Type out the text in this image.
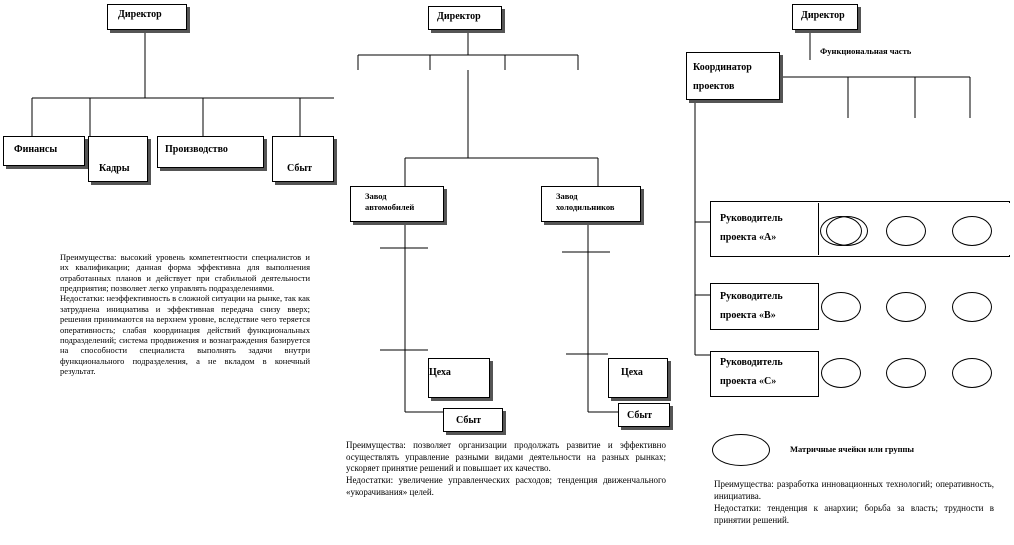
Директор
Финансы
Кадры
Производство
Сбыт
Преимущества: высокий уровень компетентности специалистов и их квалификации; данная форма эффективна для выполнения отработанных планов и действует при стабильной деятельности предприятия; позволяет легко управлять подразделениями.
Недостатки: неэффективность в сложной ситуации на рынке, так как затруднена инициатива и эффективная передача снизу вверх; решения принимаются на верхнем уровне, вследствие чего теряется оперативность; слабая координация действий функциональных подразделений; система продвижения и вознаграждения базируется на способности специалиста выполнять задачи внутри функционального подразделения, а не вкладом в конечный результат.
Директор
Завод автомобилей
Завод холодильников
Цеха	Цеха
Сбыт	Сбыт
Преимущества: позволяет организации продолжать развитие и эффективно осуществлять управление разными видами деятельности на разных рынках; ускоряет принятие решений и повышает их качество.
Недостатки: увеличение управленческих расходов; тенденция движенчального «укорачивания» целей.
Директор
Функциональная часть
Координатор проектов
Руководитель проекта «А»
Руководитель проекта «В»
Руководитель проекта «С»
Матричные ячейки или группы
Преимущества: разработка инновационных технологий; оперативность, инициатива.
Недостатки: тенденция к анархии; борьба за власть; трудности в принятии решений.
